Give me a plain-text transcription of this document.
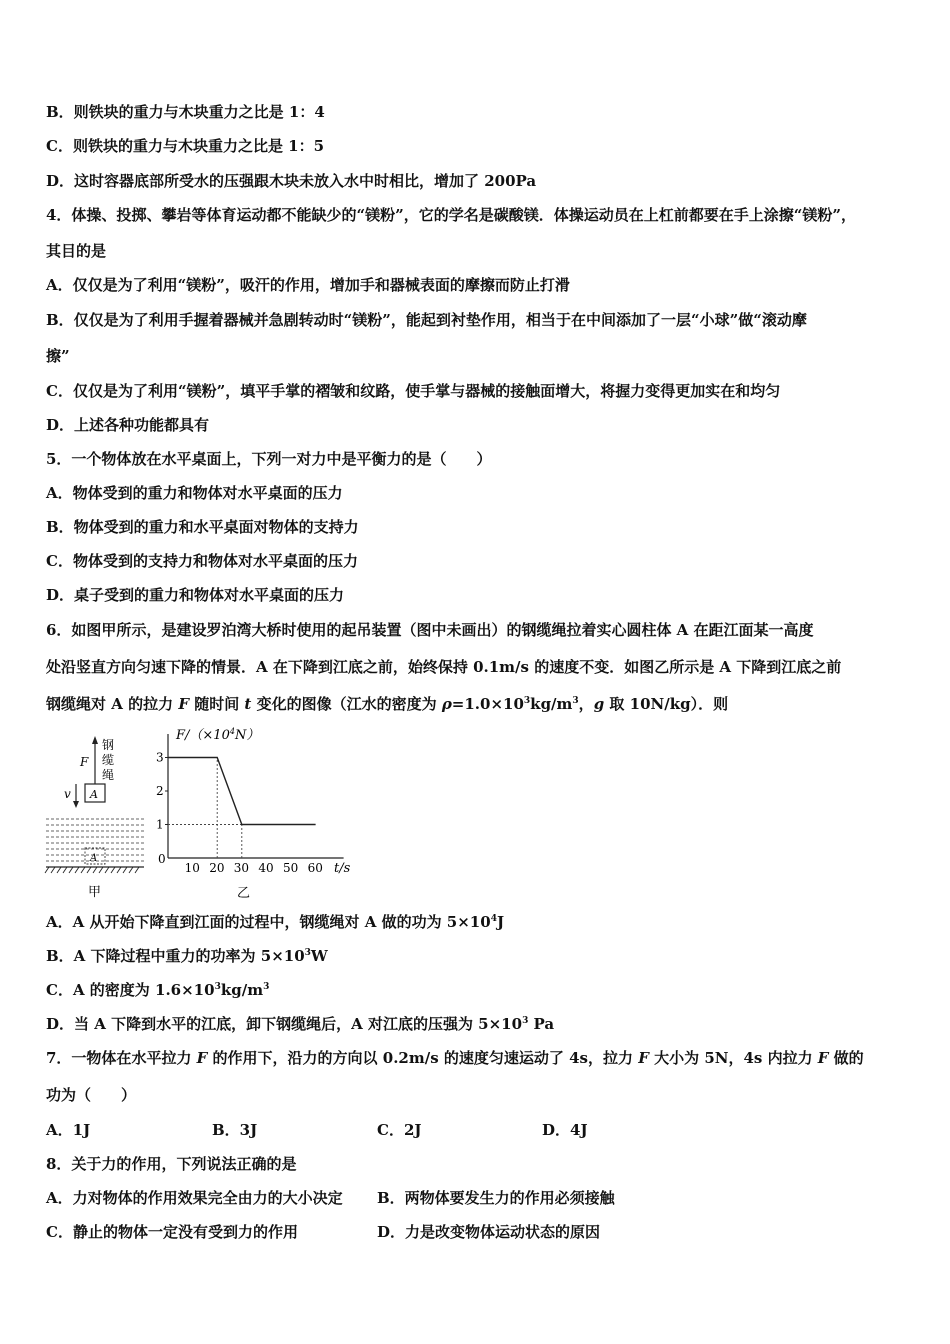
B．则铁块的重力与木块重力之比是 1：4
C．则铁块的重力与木块重力之比是 1：5
D．这时容器底部所受水的压强跟木块未放入水中时相比，增加了 200Pa
4．体操、投掷、攀岩等体育运动都不能缺少的“镁粉”，它的学名是碳酸镁．体操运动员在上杠前都要在手上涂擦“镁粉”，
其目的是
A．仅仅是为了利用“镁粉”，吸汗的作用，增加手和器械表面的摩擦而防止打滑
B．仅仅是为了利用手握着器械并急剧转动时“镁粉”，能起到衬垫作用，相当于在中间添加了一层“小球”做“滚动摩
擦”
C．仅仅是为了利用“镁粉”，填平手掌的褶皱和纹路，使手掌与器械的接触面增大，将握力变得更加实在和均匀
D．上述各种功能都具有
5．一个物体放在水平桌面上，下列一对力中是平衡力的是（　　）
A．物体受到的重力和物体对水平桌面的压力
B．物体受到的重力和水平桌面对物体的支持力
C．物体受到的支持力和物体对水平桌面的压力
D．桌子受到的重力和物体对水平桌面的压力
6．如图甲所示，是建设罗泊湾大桥时使用的起吊装置（图中未画出）的钢缆绳拉着实心圆柱体 A 在距江面某一高度
处沿竖直方向匀速下降的情景．A 在下降到江底之前，始终保持 0.1m/s 的速度不变．如图乙所示是 A 下降到江底之前
钢缆绳对 A 的拉力 F 随时间 t 变化的图像（江水的密度为 $\rho=1.0\times 10^3kg/m^3$，g 取 10N/kg）．则
钢
缆
绳
F
A
v
A
甲
$F/(\times 10^4N)$
t/s
0
乙
10 20 30 40 50 60
1
2
3
A．A 从开始下降直到江面的过程中，钢缆绳对 A 做的功为 $5\times 10^4J$
B．A 下降过程中重力的功率为 $5\times 10^3W$
C．A 的密度为 $1.6\times 10^3kg/m^3$
D．当 A 下降到水平的江底，卸下钢缆绳后，A 对江底的压强为 $5\times 10^3$ Pa
7．一物体在水平拉力 F 的作用下，沿力的方向以 0.2m/s 的速度匀速运动了 4s，拉力 F 大小为 5N，4s 内拉力 F 做的
功为（　　）
A．1J	B．3J	C．2J	D．4J
8．关于力的作用，下列说法正确的是
A．力对物体的作用效果完全由力的大小决定 B．两物体要发生力的作用必须接触
C．静止的物体一定没有受到力的作用	D．力是改变物体运动状态的原因
